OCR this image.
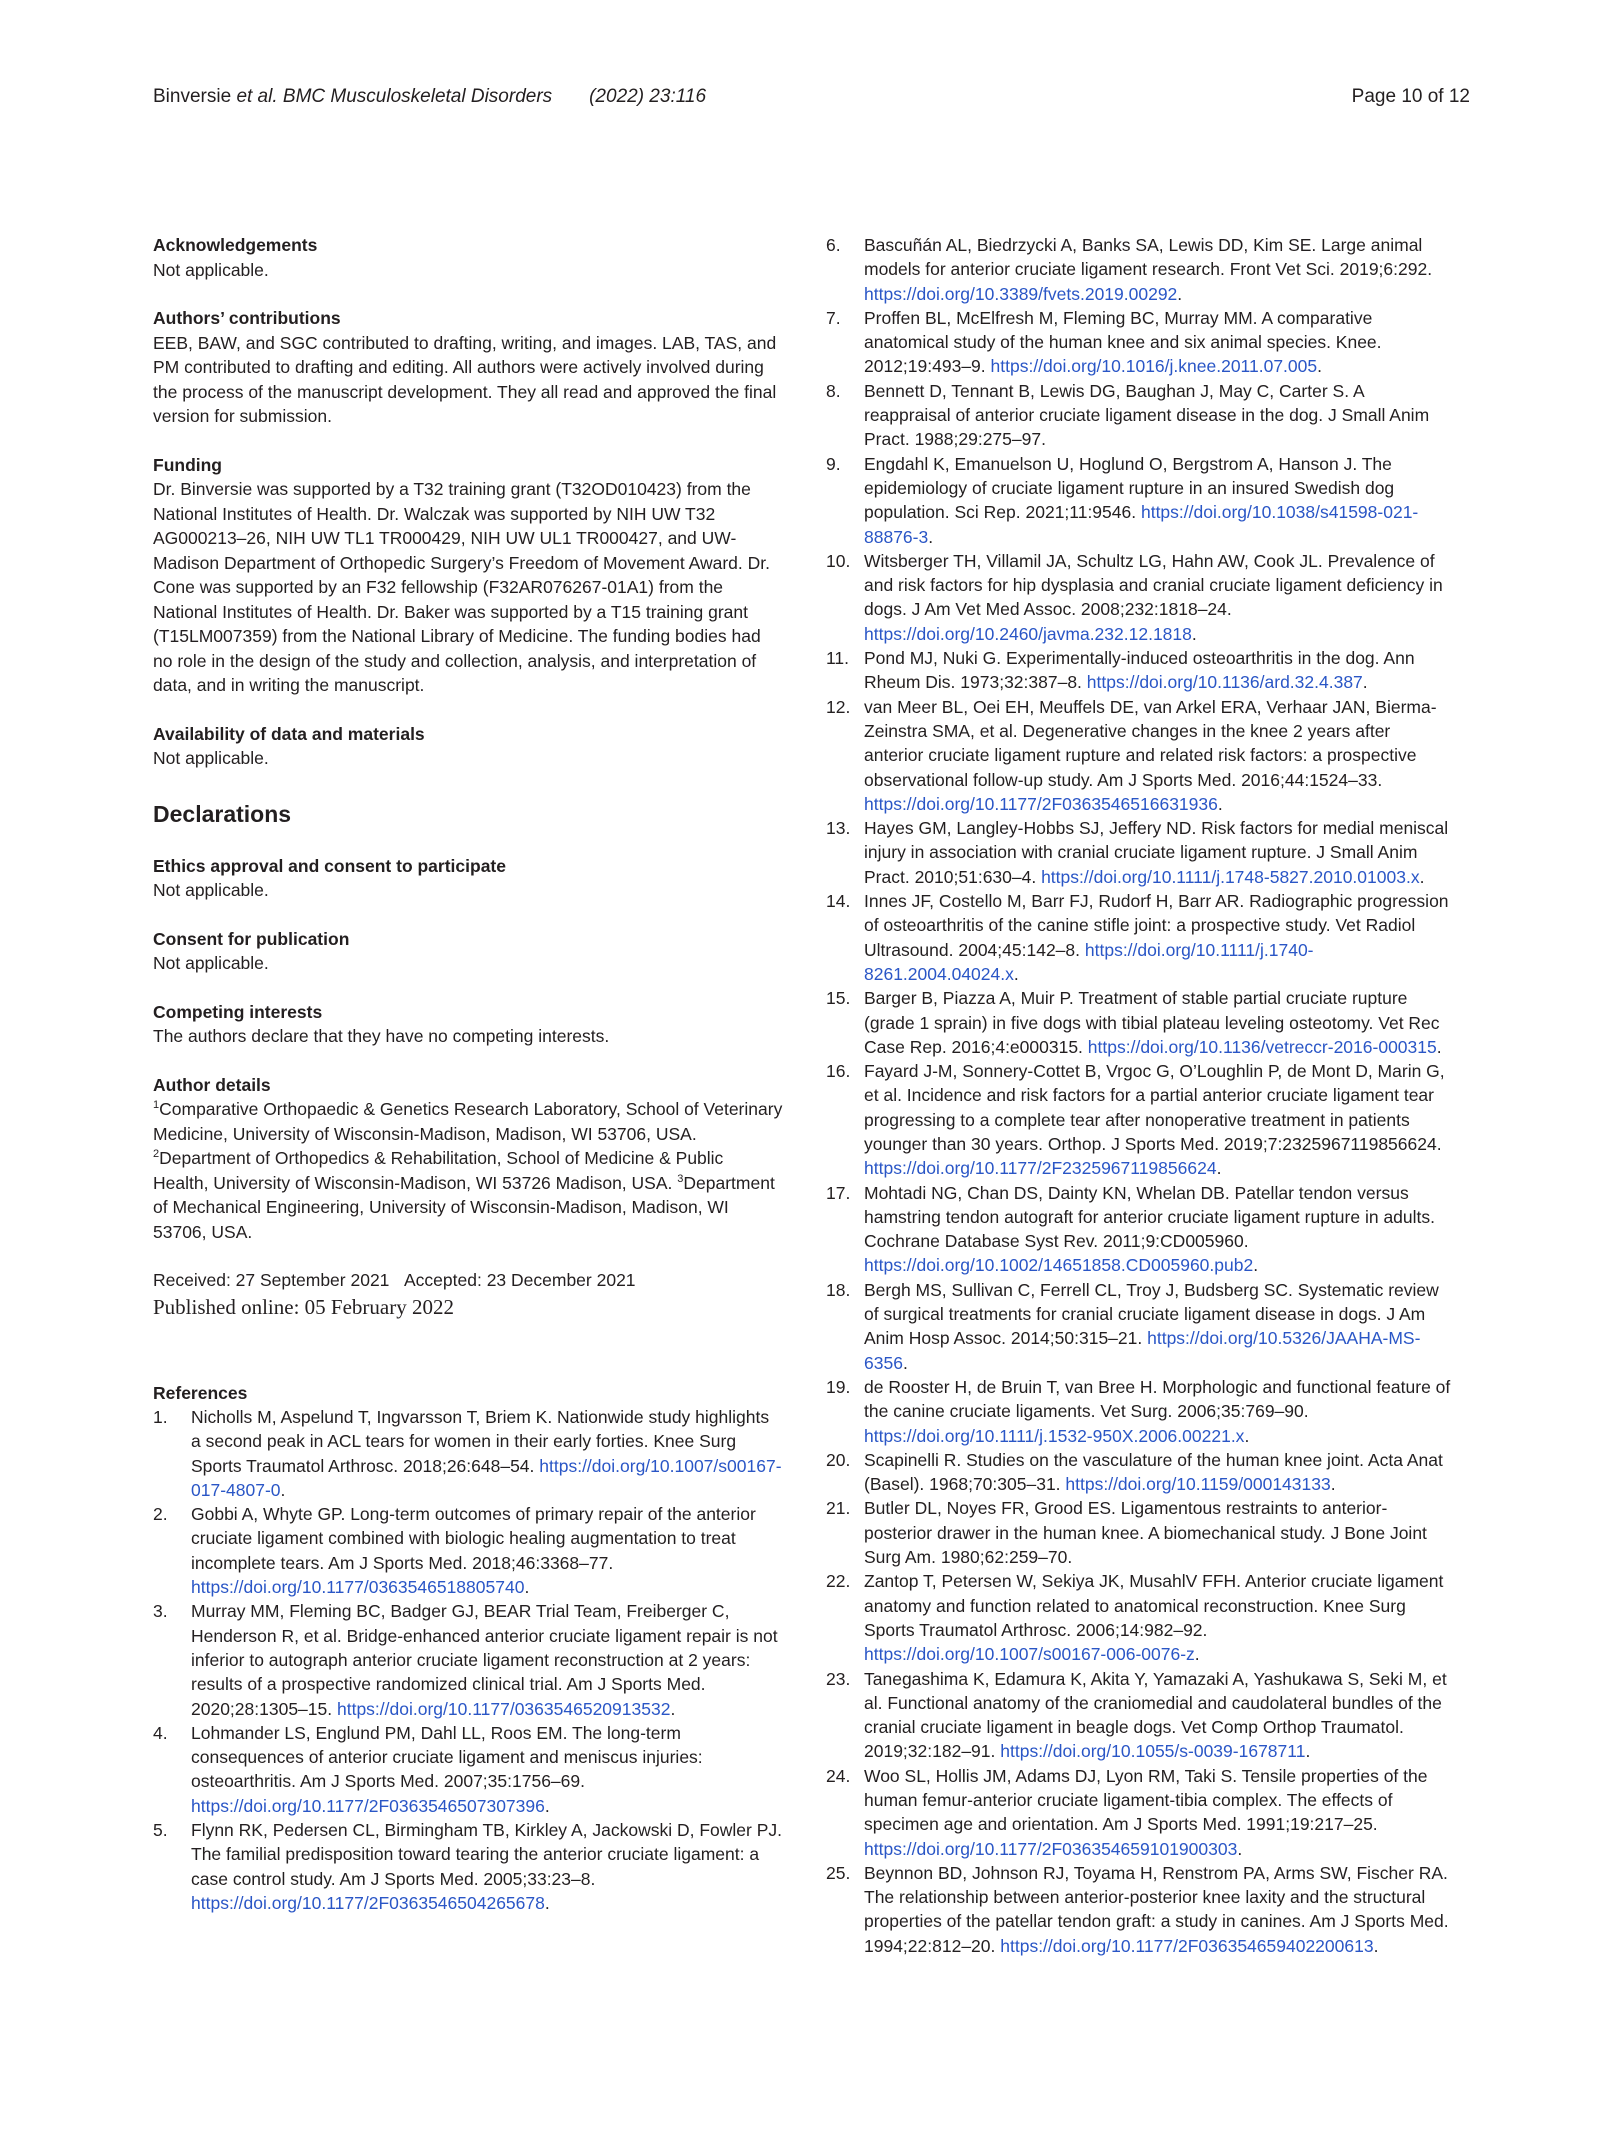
Binversie et al. BMC Musculoskeletal Disorders (2022) 23:116	Page 10 of 12
Acknowledgements
Not applicable.
Authors’ contributions
EEB, BAW, and SGC contributed to drafting, writing, and images. LAB, TAS, and PM contributed to drafting and editing. All authors were actively involved during the process of the manuscript development. They all read and approved the final version for submission.
Funding
Dr. Binversie was supported by a T32 training grant (T32OD010423) from the National Institutes of Health. Dr. Walczak was supported by NIH UW T32 AG000213–26, NIH UW TL1 TR000429, NIH UW UL1 TR000427, and UW-Madison Department of Orthopedic Surgery’s Freedom of Movement Award. Dr. Cone was supported by an F32 fellowship (F32AR076267-01A1) from the National Institutes of Health. Dr. Baker was supported by a T15 training grant (T15LM007359) from the National Library of Medicine. The funding bodies had no role in the design of the study and collection, analysis, and interpretation of data, and in writing the manuscript.
Availability of data and materials
Not applicable.
Declarations
Ethics approval and consent to participate
Not applicable.
Consent for publication
Not applicable.
Competing interests
The authors declare that they have no competing interests.
Author details
$^1$Comparative Orthopaedic & Genetics Research Laboratory, School of Veterinary Medicine, University of Wisconsin-Madison, Madison, WI 53706, USA. $^2$Department of Orthopedics & Rehabilitation, School of Medicine & Public Health, University of Wisconsin-Madison, WI 53726 Madison, USA. $^3$Department of Mechanical Engineering, University of Wisconsin-Madison, Madison, WI 53706, USA.
Received: 27 September 2021 Accepted: 23 December 2021
Published online: 05 February 2022
References
1.	Nicholls M, Aspelund T, Ingvarsson T, Briem K. Nationwide study highlights a second peak in ACL tears for women in their early forties. Knee Surg Sports Traumatol Arthrosc. 2018;26:648–54. https://doi.org/10.1007/s00167-017-4807-0.
2.	Gobbi A, Whyte GP. Long-term outcomes of primary repair of the anterior cruciate ligament combined with biologic healing augmentation to treat incomplete tears. Am J Sports Med. 2018;46:3368–77. https://doi.org/10.1177/0363546518805740.
3.	Murray MM, Fleming BC, Badger GJ, BEAR Trial Team, Freiberger C, Henderson R, et al. Bridge-enhanced anterior cruciate ligament repair is not inferior to autograph anterior cruciate ligament reconstruction at 2 years: results of a prospective randomized clinical trial. Am J Sports Med. 2020;28:1305–15. https://doi.org/10.1177/0363546520913532.
4.	Lohmander LS, Englund PM, Dahl LL, Roos EM. The long-term consequences of anterior cruciate ligament and meniscus injuries: osteoarthritis. Am J Sports Med. 2007;35:1756–69. https://doi.org/10.1177/2F0363546507307396.
5.	Flynn RK, Pedersen CL, Birmingham TB, Kirkley A, Jackowski D, Fowler PJ. The familial predisposition toward tearing the anterior cruciate ligament: a case control study. Am J Sports Med. 2005;33:23–8. https://doi.org/10.1177/2F0363546504265678.
6.	Bascuñán AL, Biedrzycki A, Banks SA, Lewis DD, Kim SE. Large animal models for anterior cruciate ligament research. Front Vet Sci. 2019;6:292. https://doi.org/10.3389/fvets.2019.00292.
7.	Proffen BL, McElfresh M, Fleming BC, Murray MM. A comparative anatomical study of the human knee and six animal species. Knee. 2012;19:493–9. https://doi.org/10.1016/j.knee.2011.07.005.
8.	Bennett D, Tennant B, Lewis DG, Baughan J, May C, Carter S. A reappraisal of anterior cruciate ligament disease in the dog. J Small Anim Pract. 1988;29:275–97.
9.	Engdahl K, Emanuelson U, Hoglund O, Bergstrom A, Hanson J. The epidemiology of cruciate ligament rupture in an insured Swedish dog population. Sci Rep. 2021;11:9546. https://doi.org/10.1038/s41598-021-88876-3.
10. Witsberger TH, Villamil JA, Schultz LG, Hahn AW, Cook JL. Prevalence of and risk factors for hip dysplasia and cranial cruciate ligament deficiency in dogs. J Am Vet Med Assoc. 2008;232:1818–24. https://doi.org/10.2460/javma.232.12.1818.
11. Pond MJ, Nuki G. Experimentally-induced osteoarthritis in the dog. Ann Rheum Dis. 1973;32:387–8. https://doi.org/10.1136/ard.32.4.387.
12. van Meer BL, Oei EH, Meuffels DE, van Arkel ERA, Verhaar JAN, Bierma-Zeinstra SMA, et al. Degenerative changes in the knee 2 years after anterior cruciate ligament rupture and related risk factors: a prospective observational follow-up study. Am J Sports Med. 2016;44:1524–33. https://doi.org/10.1177/2F0363546516631936.
13. Hayes GM, Langley-Hobbs SJ, Jeffery ND. Risk factors for medial meniscal injury in association with cranial cruciate ligament rupture. J Small Anim Pract. 2010;51:630–4. https://doi.org/10.1111/j.1748-5827.2010.01003.x.
14. Innes JF, Costello M, Barr FJ, Rudorf H, Barr AR. Radiographic progression of osteoarthritis of the canine stifle joint: a prospective study. Vet Radiol Ultrasound. 2004;45:142–8. https://doi.org/10.1111/j.1740-8261.2004.04024.x.
15. Barger B, Piazza A, Muir P. Treatment of stable partial cruciate rupture (grade 1 sprain) in five dogs with tibial plateau leveling osteotomy. Vet Rec Case Rep. 2016;4:e000315. https://doi.org/10.1136/vetreccr-2016-000315.
16. Fayard J-M, Sonnery-Cottet B, Vrgoc G, O’Loughlin P, de Mont D, Marin G, et al. Incidence and risk factors for a partial anterior cruciate ligament tear progressing to a complete tear after nonoperative treatment in patients younger than 30 years. Orthop. J Sports Med. 2019;7:2325967119856624. https://doi.org/10.1177/2F2325967119856624.
17. Mohtadi NG, Chan DS, Dainty KN, Whelan DB. Patellar tendon versus hamstring tendon autograft for anterior cruciate ligament rupture in adults. Cochrane Database Syst Rev. 2011;9:CD005960. https://doi.org/10.1002/14651858.CD005960.pub2.
18. Bergh MS, Sullivan C, Ferrell CL, Troy J, Budsberg SC. Systematic review of surgical treatments for cranial cruciate ligament disease in dogs. J Am Anim Hosp Assoc. 2014;50:315–21. https://doi.org/10.5326/JAAHA-MS-6356.
19. de Rooster H, de Bruin T, van Bree H. Morphologic and functional feature of the canine cruciate ligaments. Vet Surg. 2006;35:769–90. https://doi.org/10.1111/j.1532-950X.2006.00221.x.
20. Scapinelli R. Studies on the vasculature of the human knee joint. Acta Anat (Basel). 1968;70:305–31. https://doi.org/10.1159/000143133.
21. Butler DL, Noyes FR, Grood ES. Ligamentous restraints to anterior-posterior drawer in the human knee. A biomechanical study. J Bone Joint Surg Am. 1980;62:259–70.
22. Zantop T, Petersen W, Sekiya JK, MusahlV FFH. Anterior cruciate ligament anatomy and function related to anatomical reconstruction. Knee Surg Sports Traumatol Arthrosc. 2006;14:982–92. https://doi.org/10.1007/s00167-006-0076-z.
23. Tanegashima K, Edamura K, Akita Y, Yamazaki A, Yashukawa S, Seki M, et al. Functional anatomy of the craniomedial and caudolateral bundles of the cranial cruciate ligament in beagle dogs. Vet Comp Orthop Traumatol. 2019;32:182–91. https://doi.org/10.1055/s-0039-1678711.
24. Woo SL, Hollis JM, Adams DJ, Lyon RM, Taki S. Tensile properties of the human femur-anterior cruciate ligament-tibia complex. The effects of specimen age and orientation. Am J Sports Med. 1991;19:217–25. https://doi.org/10.1177/2F036354659101900303.
25. Beynnon BD, Johnson RJ, Toyama H, Renstrom PA, Arms SW, Fischer RA. The relationship between anterior-posterior knee laxity and the structural properties of the patellar tendon graft: a study in canines. Am J Sports Med. 1994;22:812–20. https://doi.org/10.1177/2F036354659402200613.
